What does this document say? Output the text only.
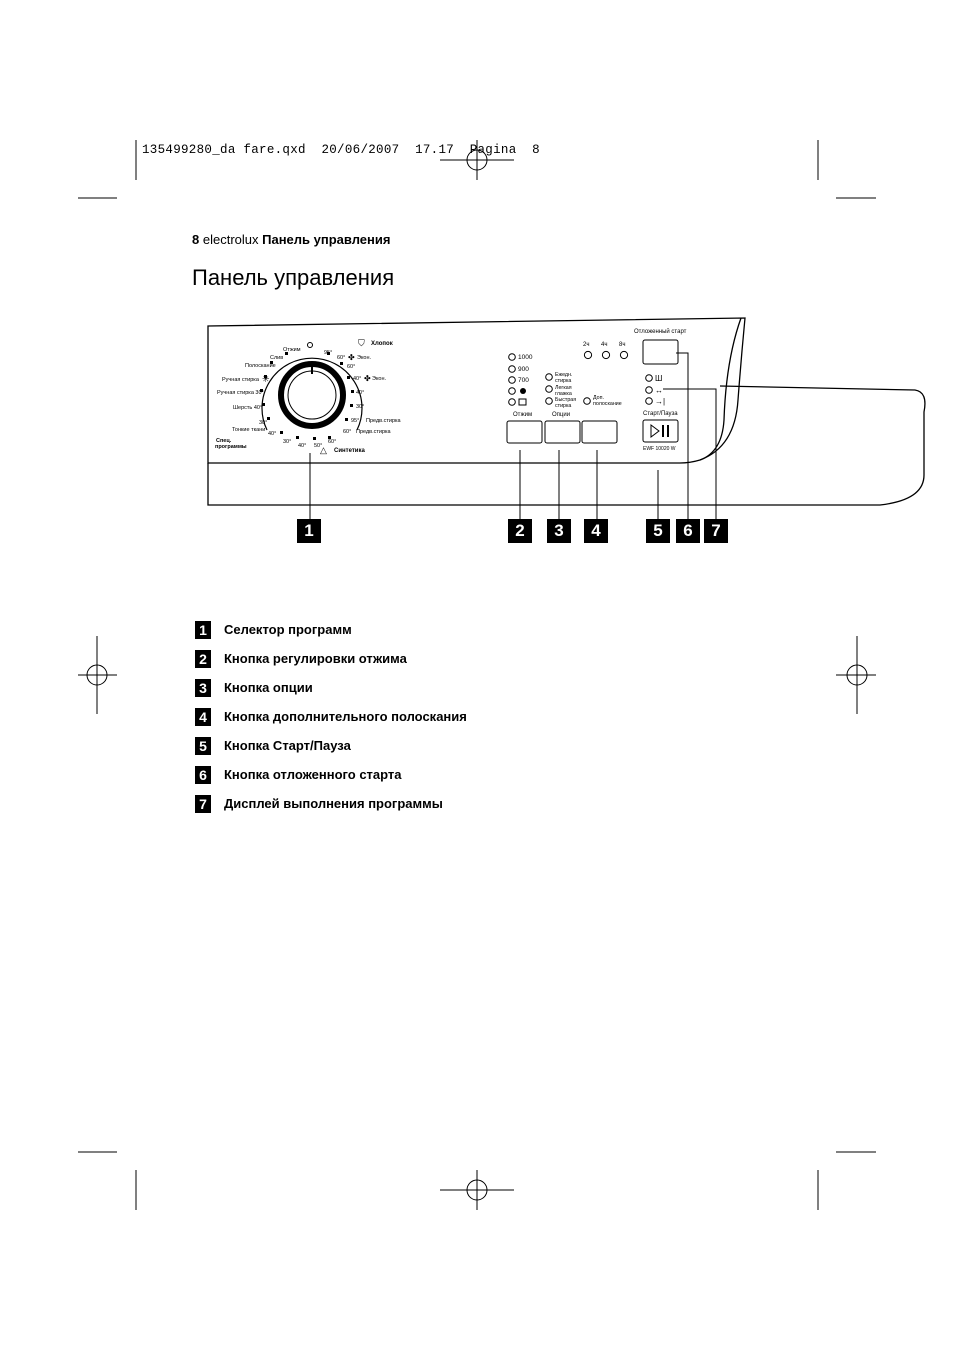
135499280_da fare.qxd 20/06/2007 17.17 Pagina 8
8 electrolux Панель управления
Панель управления
Отжим
Слив
Полоскание
Ручная стирка ✳
Ручная стирка 30°
Шерсть 40°
30°
Тонкие ткани
40°
30°
40° 50°
60°
95°
60° Экон.
60°
40° Экон.
40°
30°
95° Предв.стирка
60° Предв.стирка
✤
✤
⛉ Хлопок
△ Синтетика
Спец.
программы
1000
900
700
Отжим
Ежедн.
стирка
Легкая
глажка
Быстрая
стирка
Доп.
полоскание
Опции
2ч 4ч 8ч
Отложенный старт
Ш
↔
→|
Старт/Пауза
EWF 10020 W
1	2	3	4	5	6	7
1	Селектор программ
2	Кнопка регулировки отжима
3	Кнопка опции
4	Кнопка дополнительного полоскания
5	Кнопка Старт/Пауза
6	Кнопка отложенного старта
7	Дисплей выполнения программы
